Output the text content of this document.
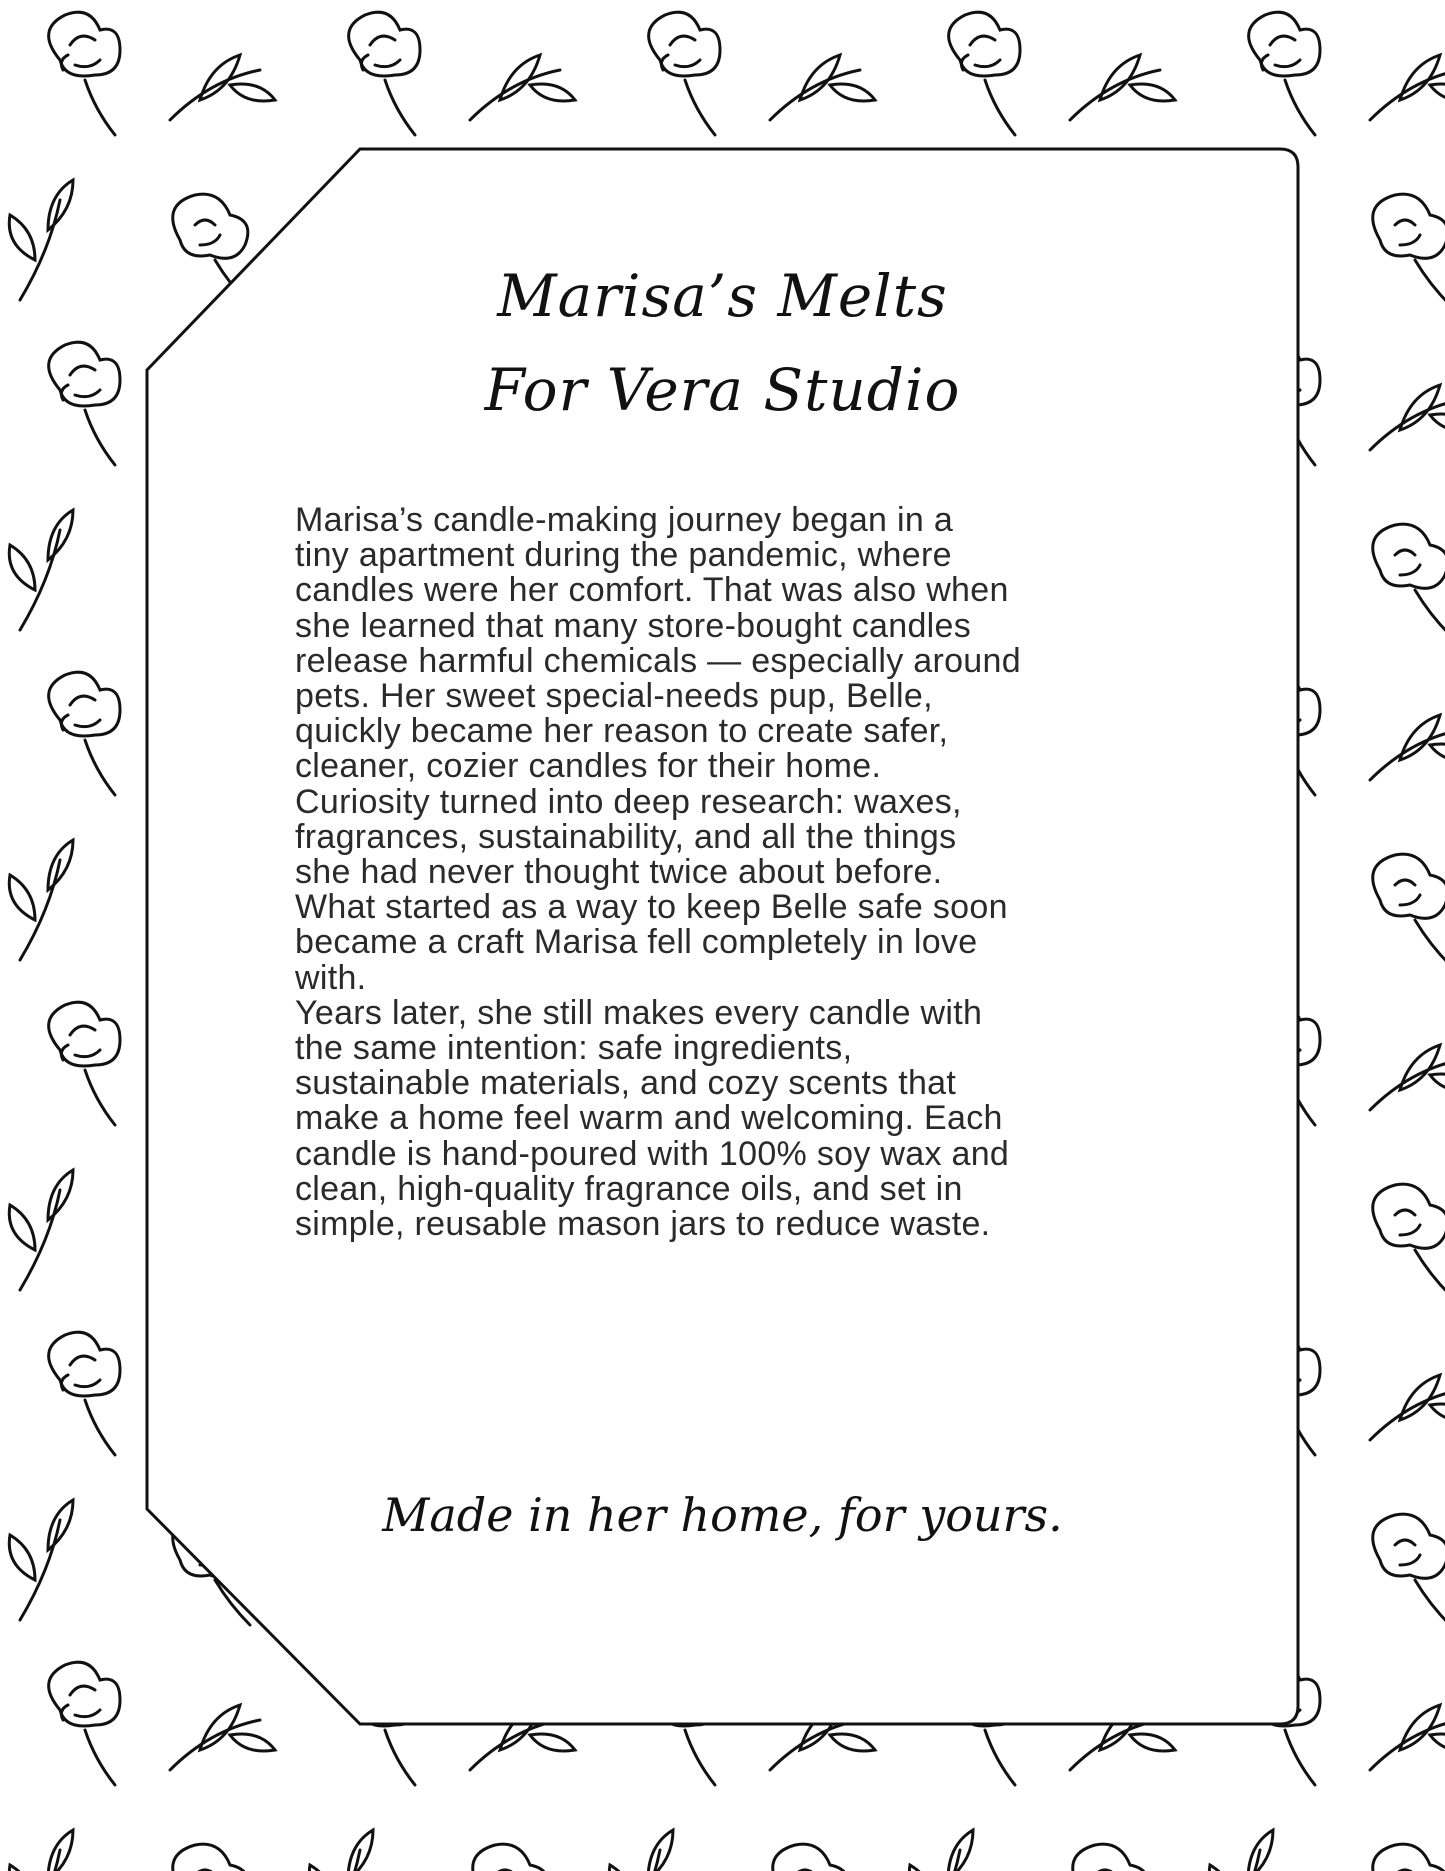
Marisa’s Melts
For Vera Studio
Marisa’s candle-making journey began in a
tiny apartment during the pandemic, where
candles were her comfort. That was also when
she learned that many store-bought candles
release harmful chemicals — especially around
pets. Her sweet special-needs pup, Belle,
quickly became her reason to create safer,
cleaner, cozier candles for their home.
Curiosity turned into deep research: waxes,
fragrances, sustainability, and all the things
she had never thought twice about before.
What started as a way to keep Belle safe soon
became a craft Marisa fell completely in love
with.
Years later, she still makes every candle with
the same intention: safe ingredients,
sustainable materials, and cozy scents that
make a home feel warm and welcoming. Each
candle is hand-poured with 100% soy wax and
clean, high-quality fragrance oils, and set in
simple, reusable mason jars to reduce waste.
Made in her home, for yours.
